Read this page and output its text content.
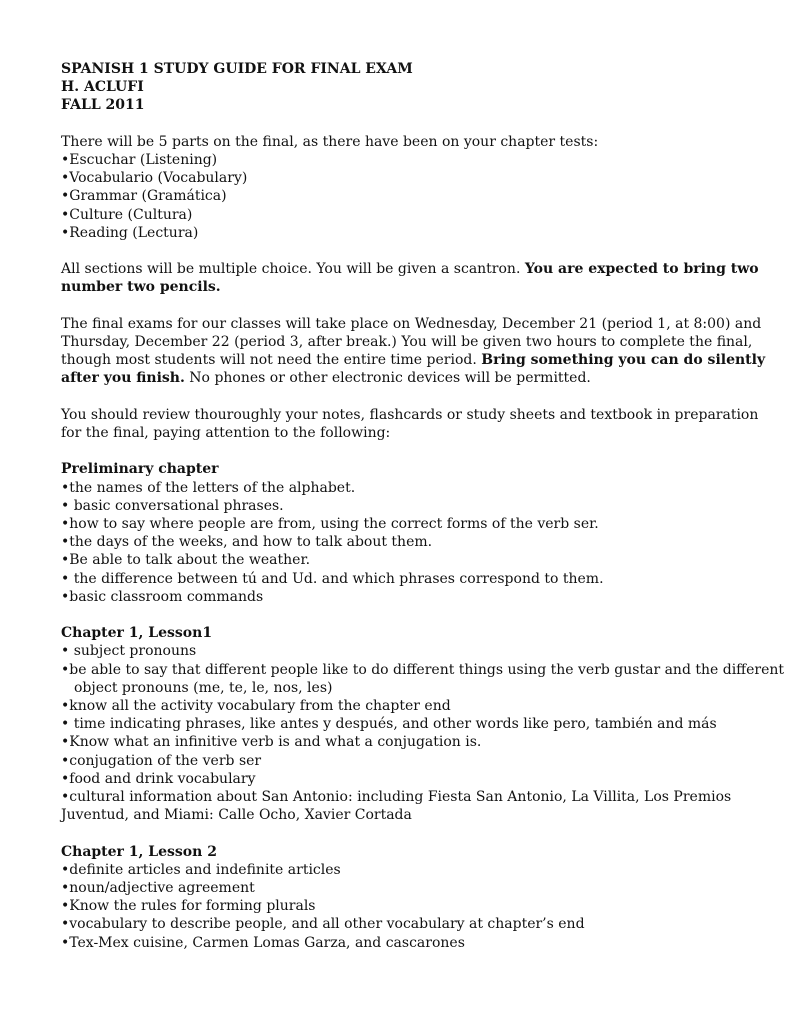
SPANISH 1 STUDY GUIDE FOR FINAL EXAM
H. ACLUFI
FALL 2011
There will be 5 parts on the final, as there have been on your chapter tests:
•Escuchar (Listening)
•Vocabulario (Vocabulary)
•Grammar (Gramática)
•Culture (Cultura)
•Reading (Lectura)
All sections will be multiple choice. You will be given a scantron. You are expected to bring two
number two pencils.
The final exams for our classes will take place on Wednesday, December 21 (period 1, at 8:00) and
Thursday, December 22 (period 3, after break.) You will be given two hours to complete the final,
though most students will not need the entire time period. Bring something you can do silently
after you finish. No phones or other electronic devices will be permitted.
You should review thouroughly your notes, flashcards or study sheets and textbook in preparation
for the final, paying attention to the following:
Preliminary chapter
•the names of the letters of the alphabet.
• basic conversational phrases.
•how to say where people are from, using the correct forms of the verb ser.
•the days of the weeks, and how to talk about them.
•Be able to talk about the weather.
• the difference between tú and Ud. and which phrases correspond to them.
•basic classroom commands
Chapter 1, Lesson1
• subject pronouns
•be able to say that different people like to do different things using the verb gustar and the different
object pronouns (me, te, le, nos, les)
•know all the activity vocabulary from the chapter end
• time indicating phrases, like antes y después, and other words like pero, también and más
•Know what an infinitive verb is and what a conjugation is.
•conjugation of the verb ser
•food and drink vocabulary
•cultural information about San Antonio: including Fiesta San Antonio, La Villita, Los Premios
Juventud, and Miami: Calle Ocho, Xavier Cortada
Chapter 1, Lesson 2
•definite articles and indefinite articles
•noun/adjective agreement
•Know the rules for forming plurals
•vocabulary to describe people, and all other vocabulary at chapter’s end
•Tex-Mex cuisine, Carmen Lomas Garza, and cascarones
